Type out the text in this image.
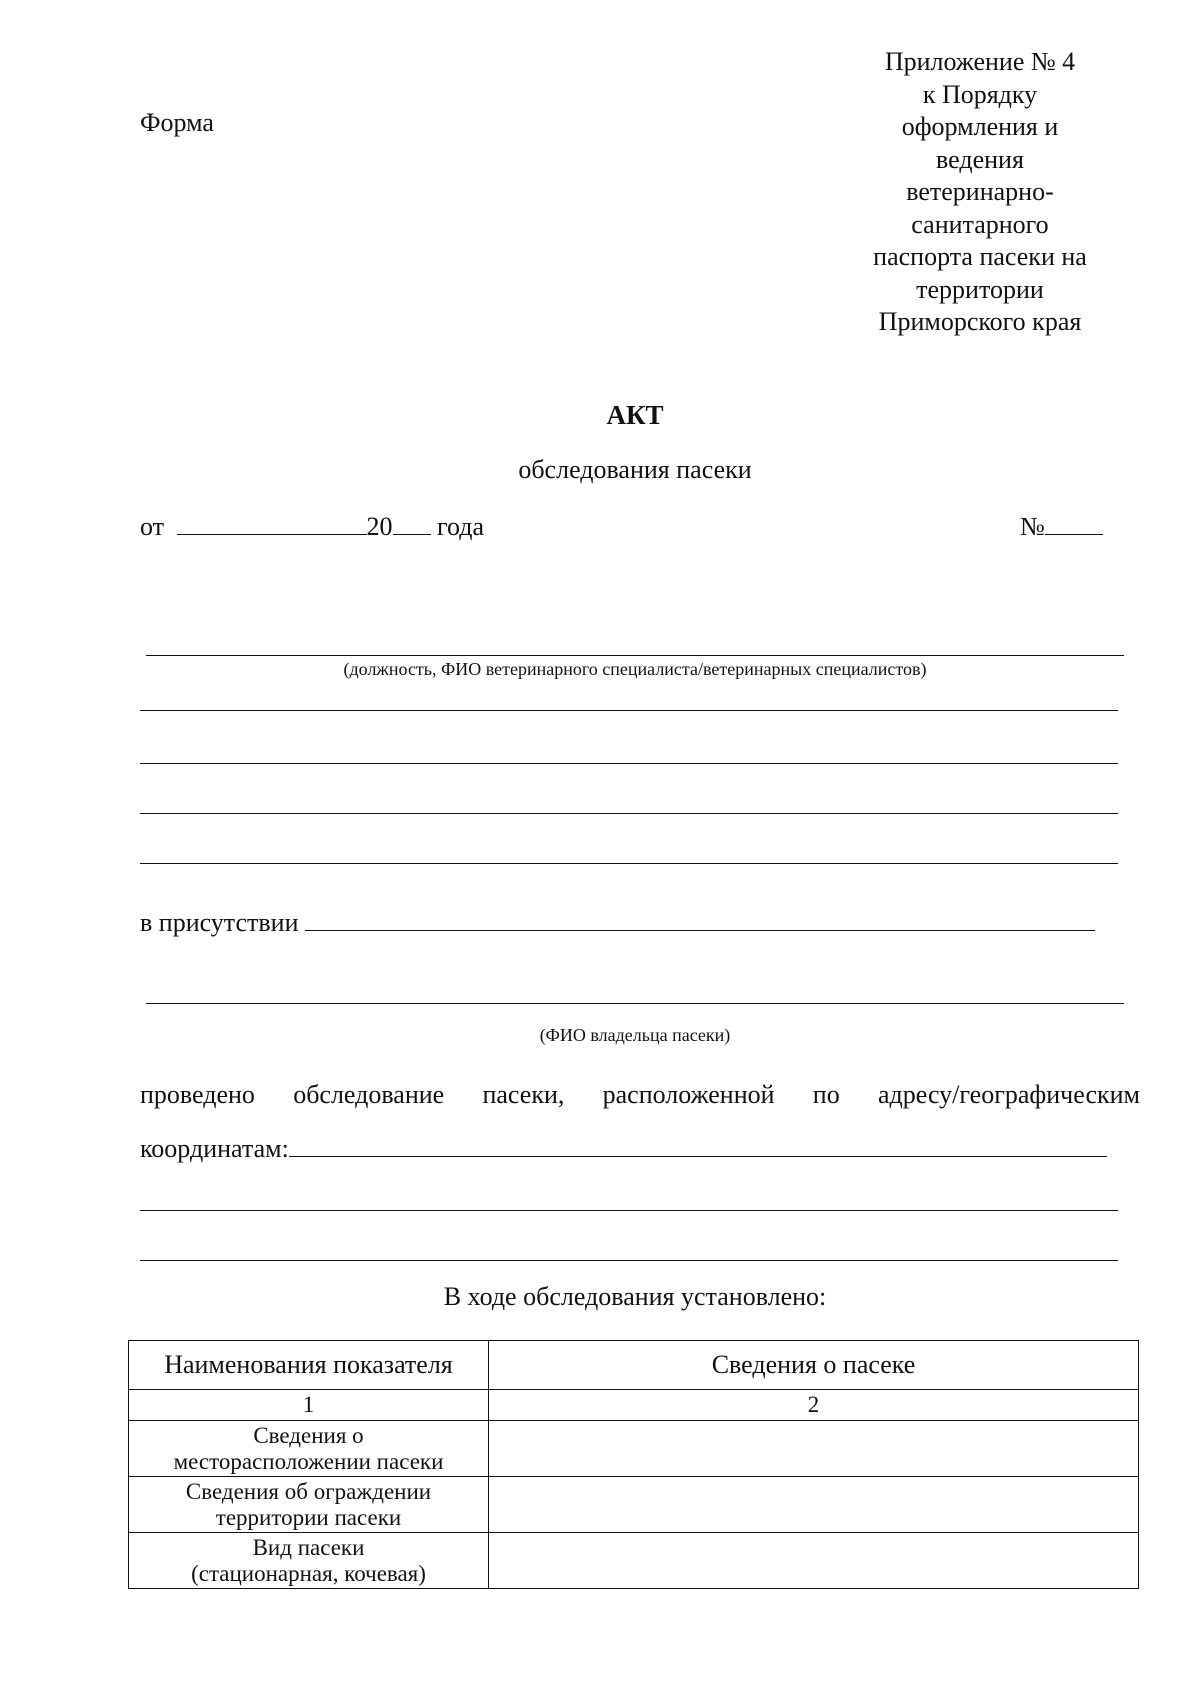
Форма
Приложение № 4
к Порядку
оформления и
ведения
ветеринарно-
санитарного
паспорта пасеки на
территории
Приморского края
АКТ
обследования пасеки
от	20 года	№
(должность, ФИО ветеринарного специалиста/ветеринарных специалистов)
в присутствии
(ФИО владельца пасеки)
проведено обследование пасеки, расположенной по адресу/географическим
координатам:
В ходе обследования установлено:
Наименования показателя	Сведения о пасеке
1	2

Сведения о
месторасположении пасеки	

Сведения об ограждении
территории пасеки	

Вид пасеки
(стационарная, кочевая)	
